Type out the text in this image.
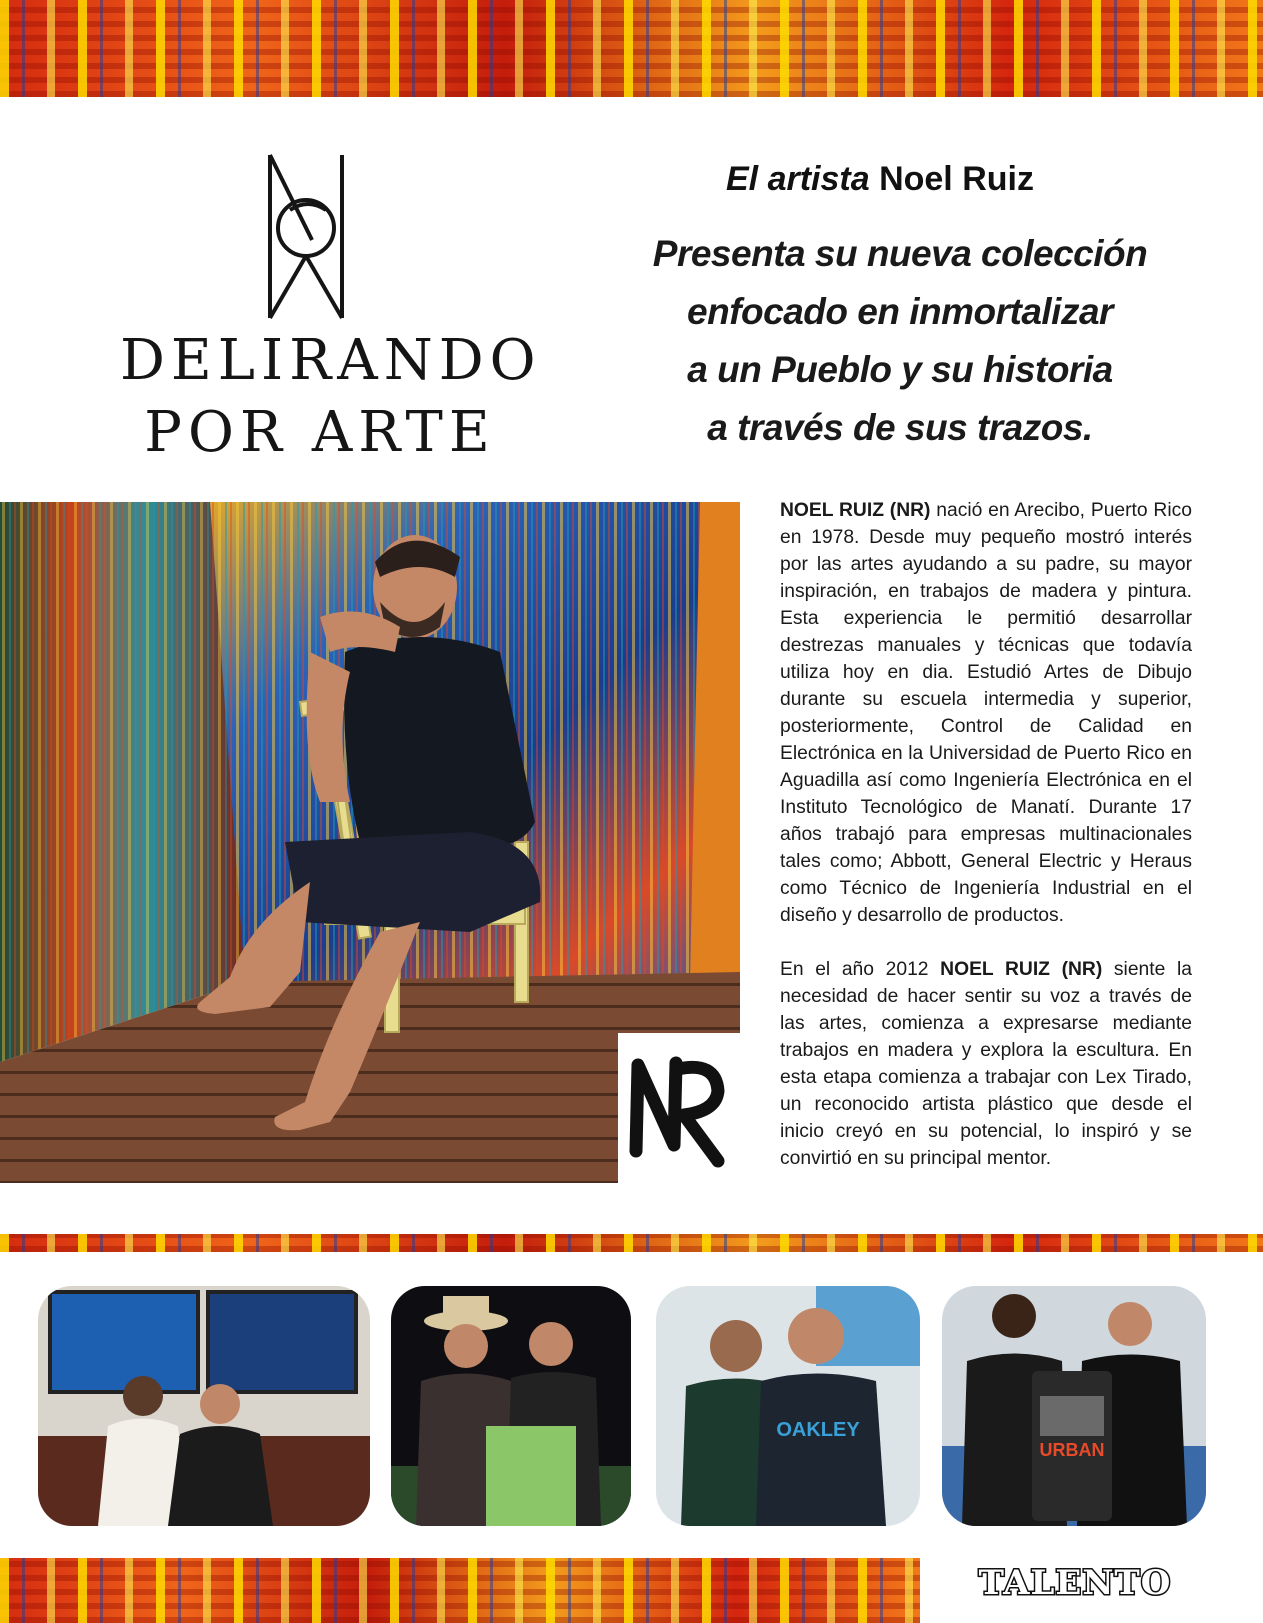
DELIRANDO
POR ARTE
El artista Noel Ruiz
Presenta su nueva colección
enfocado en inmortalizar
a un Pueblo y su historia
a través de sus trazos.

NOEL RUIZ (NR) nació en Arecibo, Puerto Rico en 1978. Desde muy pequeño mostró interés por las artes ayudando a su padre, su mayor inspiración, en trabajos de madera y pintura. Esta experiencia le permitió desarrollar destrezas manuales y técnicas que todavía utiliza hoy en dia. Estudió Artes de Dibujo durante su escuela intermedia y superior, posteriormente, Control de Calidad en Electrónica en la Universidad de Puerto Rico en Aguadilla así como Ingeniería Electrónica en el Instituto Tecnológico de Manatí. Durante 17 años trabajó para empresas multinacionales tales como; Abbott, General Electric y Heraus como Técnico de Ingeniería Industrial en el diseño y desarrollo de productos.

En el año 2012 NOEL RUIZ (NR) siente la necesidad de hacer sentir su voz a través de las artes, comienza a expresarse mediante trabajos en madera y explora la escultura. En esta etapa comienza a trabajar con Lex Tirado, un reconocido artista plástico que desde el inicio creyó en su potencial, lo inspiró y se convirtió en su principal mentor.

OAKLEY
URBAN
TALENTO
